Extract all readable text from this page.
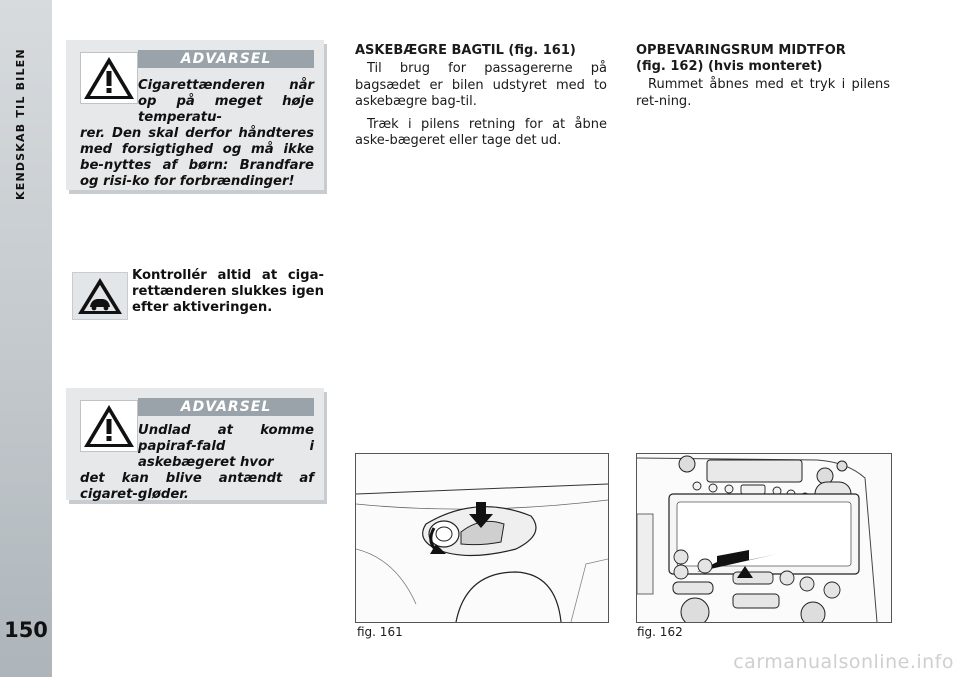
KENDSKAB TIL BILEN
150
ADVARSEL
Cigarettænderen når op på meget høje temperatu-
rer. Den skal derfor håndteres med forsigtighed og må ikke be-nyttes af børn: Brandfare og risi-ko for forbrændinger!
Kontrollér altid at ciga-rettænderen slukkes igen efter aktiveringen.
ADVARSEL
Undlad at komme papiraf-fald i askebægeret hvor
det kan blive antændt af cigaret-gløder.
ASKEBÆGRE BAGTIL (fig. 161)

Til brug for passagererne på bagsædet er bilen udstyret med to askebægre bag-til.

Træk i pilens retning for at åbne aske-bægeret eller tage det ud.

OPBEVARINGSRUM MIDTFOR
(fig. 162) (hvis monteret)

Rummet åbnes med et tryk i pilens ret-ning.

fig. 161	fig. 162
carmanualsonline.info
